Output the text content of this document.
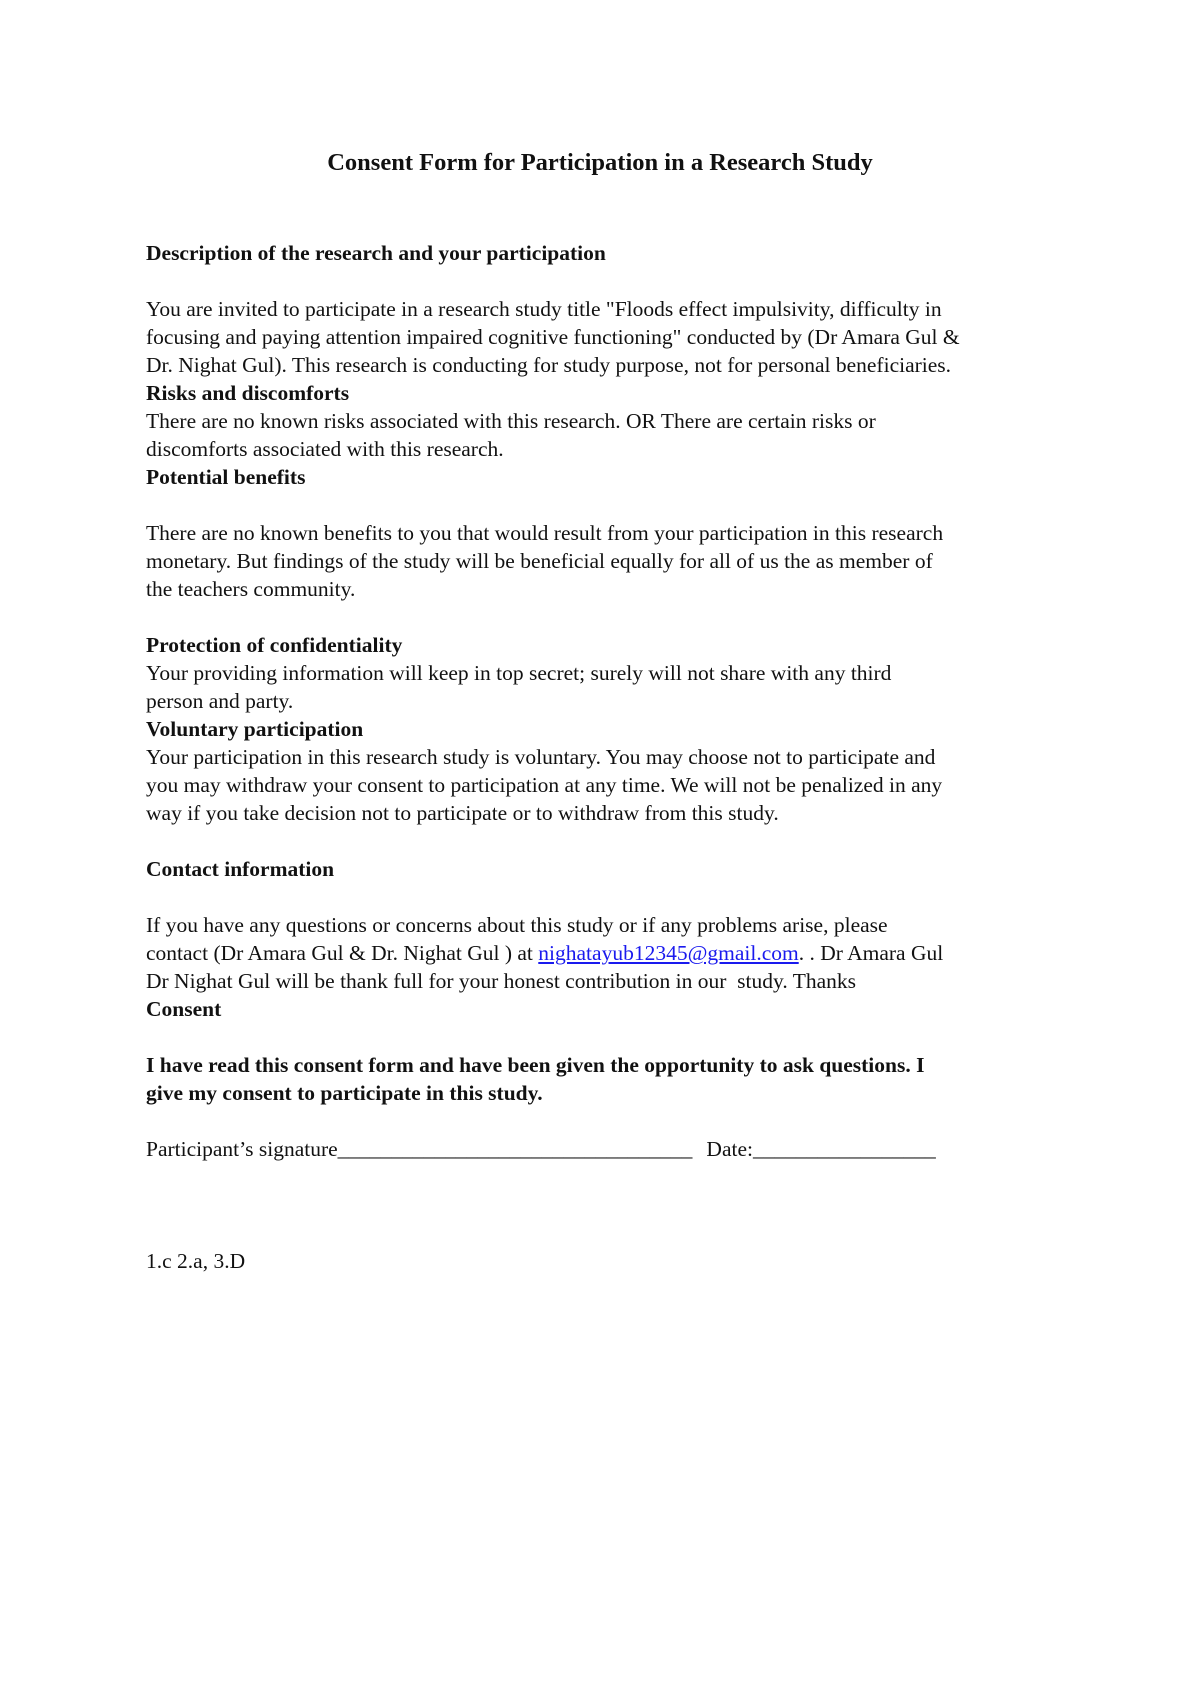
Consent Form for Participation in a Research Study
Description of the research and your participation
You are invited to participate in a research study title "Floods effect impulsivity, difficulty in
focusing and paying attention impaired cognitive functioning" conducted by (Dr Amara Gul &
Dr. Nighat Gul). This research is conducting for study purpose, not for personal beneficiaries.
Risks and discomforts
There are no known risks associated with this research. OR There are certain risks or
discomforts associated with this research.
Potential benefits
There are no known benefits to you that would result from your participation in this research
monetary. But findings of the study will be beneficial equally for all of us the as member of
the teachers community.
Protection of confidentiality
Your providing information will keep in top secret; surely will not share with any third
person and party.
Voluntary participation
Your participation in this research study is voluntary. You may choose not to participate and
you may withdraw your consent to participation at any time. We will not be penalized in any
way if you take decision not to participate or to withdraw from this study.
Contact information
If you have any questions or concerns about this study or if any problems arise, please
contact (Dr Amara Gul & Dr. Nighat Gul ) at nighatayub12345@gmail.com. . Dr Amara Gul
Dr Nighat Gul will be thank full for your honest contribution in our  study. Thanks
Consent
I have read this consent form and have been given the opportunity to ask questions. I
give my consent to participate in this study.
Participant’s signature_________________________________ Date:_________________
1.c 2.a, 3.D
